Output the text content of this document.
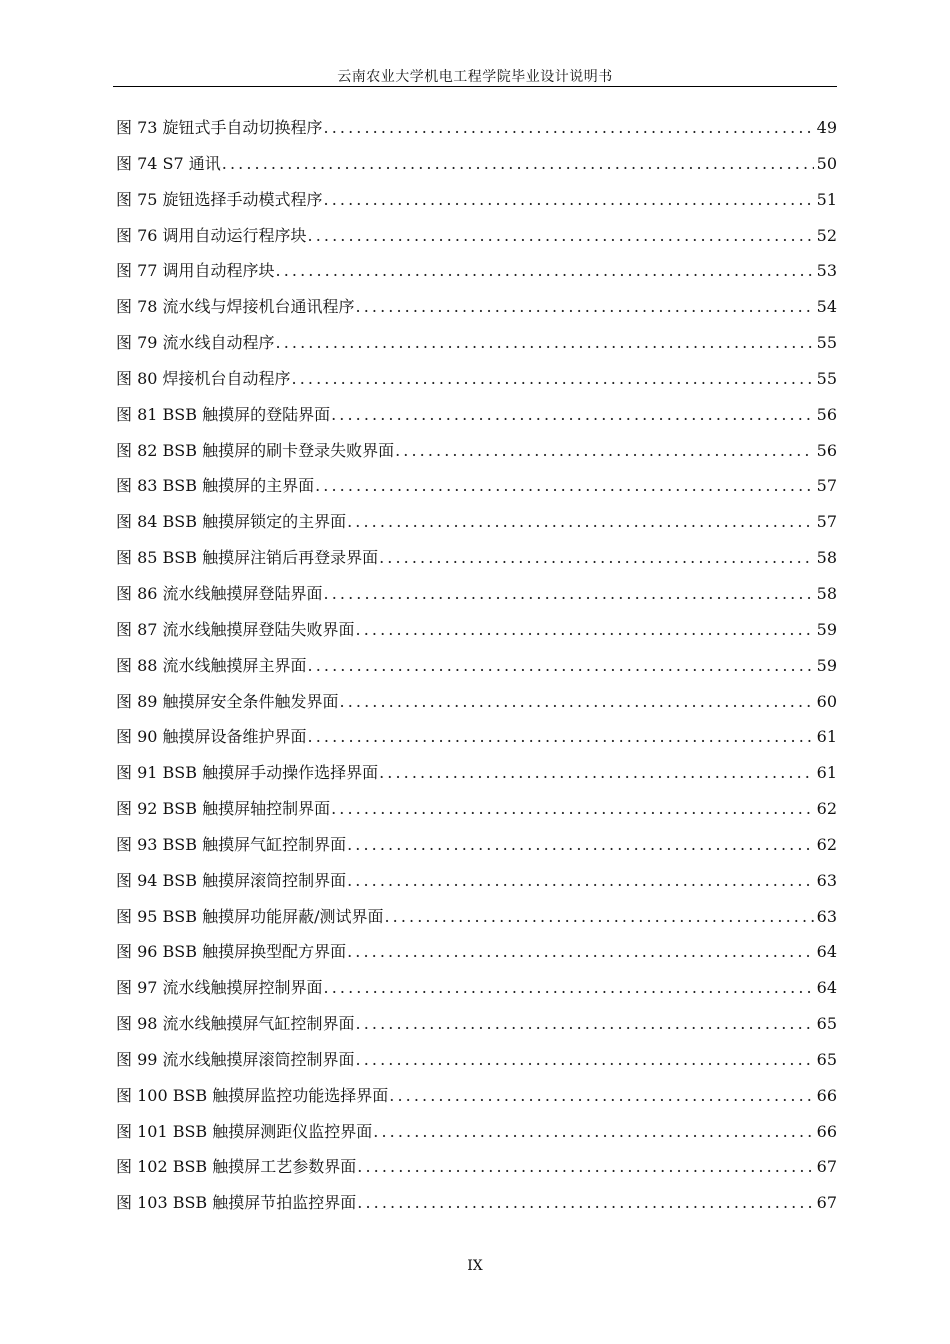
云南农业大学机电工程学院毕业设计说明书
图 73 旋钮式手自动切换程序 .....	49
图 74 S7 通讯 .....	50
图 75 旋钮选择手动模式程序 .....	51
图 76 调用自动运行程序块 .....	52
图 77 调用自动程序块 .....	53
图 78 流水线与焊接机台通讯程序 .....	54
图 79 流水线自动程序 .....	55
图 80 焊接机台自动程序 .....	55
图 81 BSB 触摸屏的登陆界面 .....	56
图 82 BSB 触摸屏的刷卡登录失败界面 .....	56
图 83 BSB 触摸屏的主界面 .....	57
图 84 BSB 触摸屏锁定的主界面 .....	57
图 85 BSB 触摸屏注销后再登录界面 .....	58
图 86 流水线触摸屏登陆界面 .....	58
图 87 流水线触摸屏登陆失败界面 .....	59
图 88 流水线触摸屏主界面 .....	59
图 89 触摸屏安全条件触发界面 .....	60
图 90 触摸屏设备维护界面 .....	61
图 91 BSB 触摸屏手动操作选择界面 .....	61
图 92 BSB 触摸屏轴控制界面 .....	62
图 93 BSB 触摸屏气缸控制界面 .....	62
图 94 BSB 触摸屏滚筒控制界面 .....	63
图 95 BSB 触摸屏功能屏蔽/测试界面 .....	63
图 96 BSB 触摸屏换型配方界面 .....	64
图 97 流水线触摸屏控制界面 .....	64
图 98 流水线触摸屏气缸控制界面 .....	65
图 99 流水线触摸屏滚筒控制界面 .....	65
图 100 BSB 触摸屏监控功能选择界面 .....	66
图 101 BSB 触摸屏测距仪监控界面 .....	66
图 102 BSB 触摸屏工艺参数界面 .....	67
图 103 BSB 触摸屏节拍监控界面 .....	67
IX
